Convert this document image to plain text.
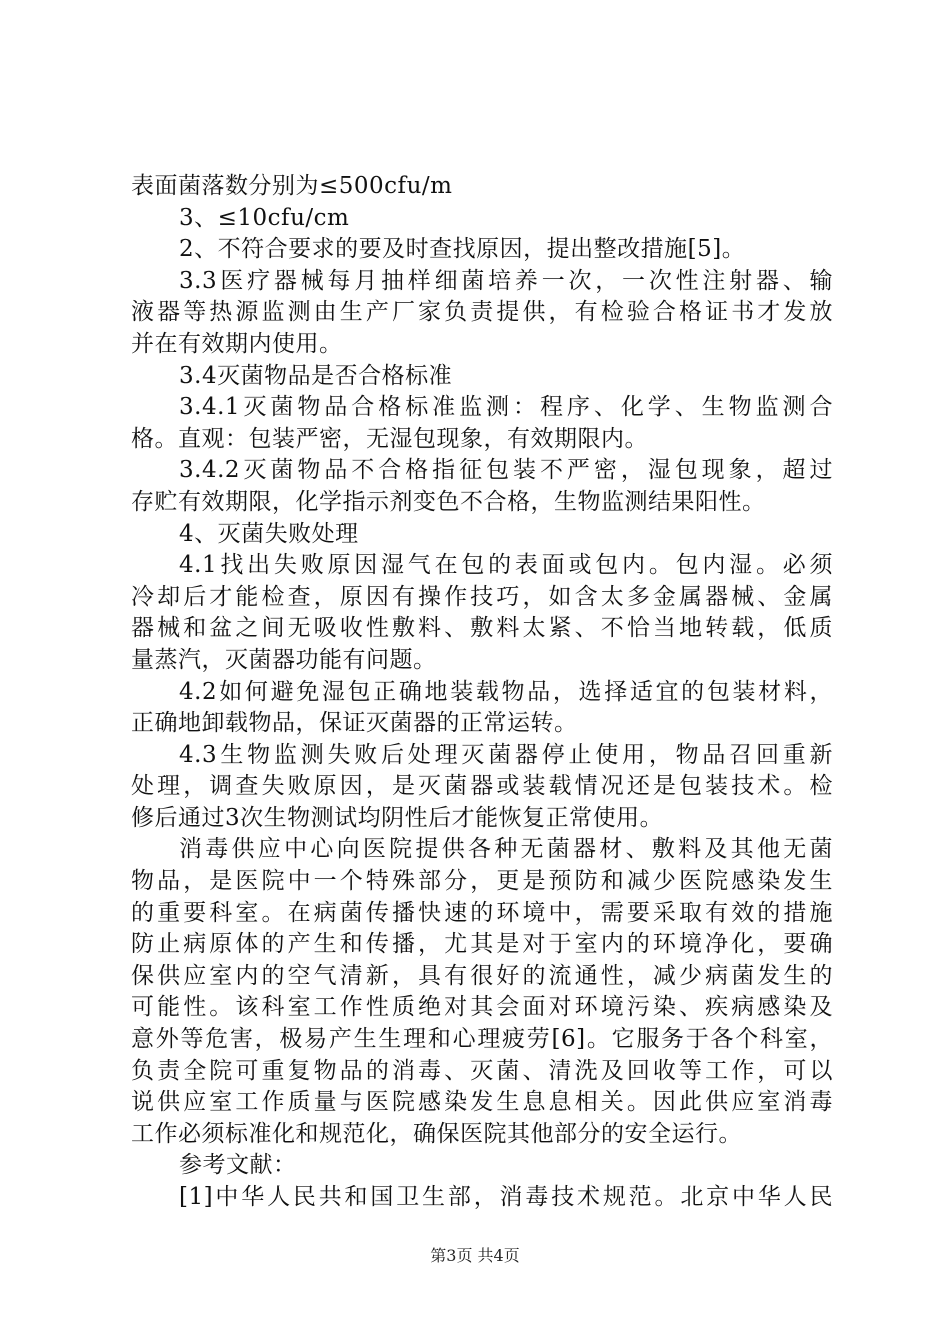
表面菌落数分别为≤500cfu/m
3、≤10cfu/cm
2、不符合要求的要及时查找原因，提出整改措施[5]。
3.3医疗器械每月抽样细菌培养一次，一次性注射器、输
液器等热源监测由生产厂家负责提供，有检验合格证书才发放
并在有效期内使用。
3.4灭菌物品是否合格标准
3.4.1灭菌物品合格标准监测：程序、化学、生物监测合
格。直观：包装严密，无湿包现象，有效期限内。
3.4.2灭菌物品不合格指征包装不严密，湿包现象，超过
存贮有效期限，化学指示剂变色不合格，生物监测结果阳性。
4、灭菌失败处理
4.1找出失败原因湿气在包的表面或包内。包内湿。必须
冷却后才能检查，原因有操作技巧，如含太多金属器械、金属
器械和盆之间无吸收性敷料、敷料太紧、不恰当地转载，低质
量蒸汽，灭菌器功能有问题。
4.2如何避免湿包正确地装载物品，选择适宜的包装材料，
正确地卸载物品，保证灭菌器的正常运转。
4.3生物监测失败后处理灭菌器停止使用，物品召回重新
处理，调查失败原因，是灭菌器或装载情况还是包装技术。检
修后通过3次生物测试均阴性后才能恢复正常使用。
消毒供应中心向医院提供各种无菌器材、敷料及其他无菌
物品，是医院中一个特殊部分，更是预防和减少医院感染发生
的重要科室。在病菌传播快速的环境中，需要采取有效的措施
防止病原体的产生和传播，尤其是对于室内的环境净化，要确
保供应室内的空气清新，具有很好的流通性，减少病菌发生的
可能性。该科室工作性质绝对其会面对环境污染、疾病感染及
意外等危害，极易产生生理和心理疲劳[6]。它服务于各个科室，
负责全院可重复物品的消毒、灭菌、清洗及回收等工作，可以
说供应室工作质量与医院感染发生息息相关。因此供应室消毒
工作必须标准化和规范化，确保医院其他部分的安全运行。
参考文献：
[1]中华人民共和国卫生部，消毒技术规范。北京中华人民
第3页 共4页
